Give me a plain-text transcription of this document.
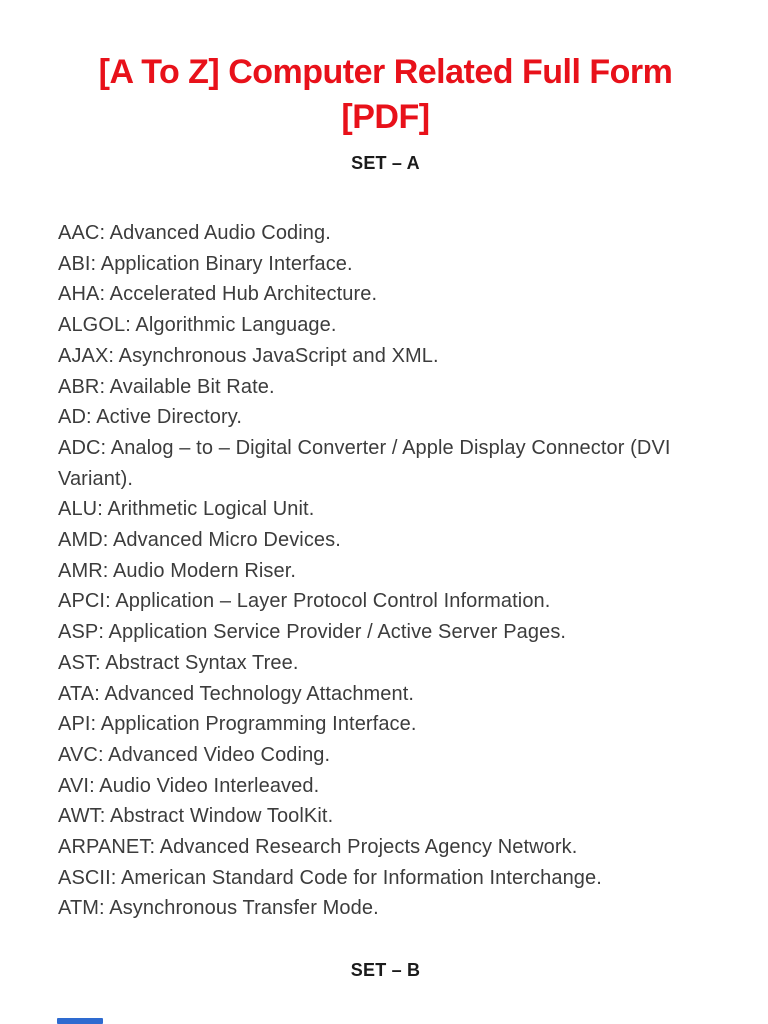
[A To Z] Computer Related Full Form
[PDF]
SET – A

AAC: Advanced Audio Coding.

ABI: Application Binary Interface.

AHA: Accelerated Hub Architecture.

ALGOL: Algorithmic Language.

AJAX: Asynchronous JavaScript and XML.

ABR: Available Bit Rate.

AD: Active Directory.

ADC: Analog – to – Digital Converter / Apple Display Connector (DVI Variant).

ALU: Arithmetic Logical Unit.

AMD: Advanced Micro Devices.

AMR: Audio Modern Riser.

APCI: Application – Layer Protocol Control Information.

ASP: Application Service Provider / Active Server Pages.

AST: Abstract Syntax Tree.

ATA: Advanced Technology Attachment.

API: Application Programming Interface.

AVC: Advanced Video Coding.

AVI: Audio Video Interleaved.

AWT: Abstract Window ToolKit.

ARPANET: Advanced Research Projects Agency Network.

ASCII: American Standard Code for Information Interchange.

ATM: Asynchronous Transfer Mode.

SET – B
